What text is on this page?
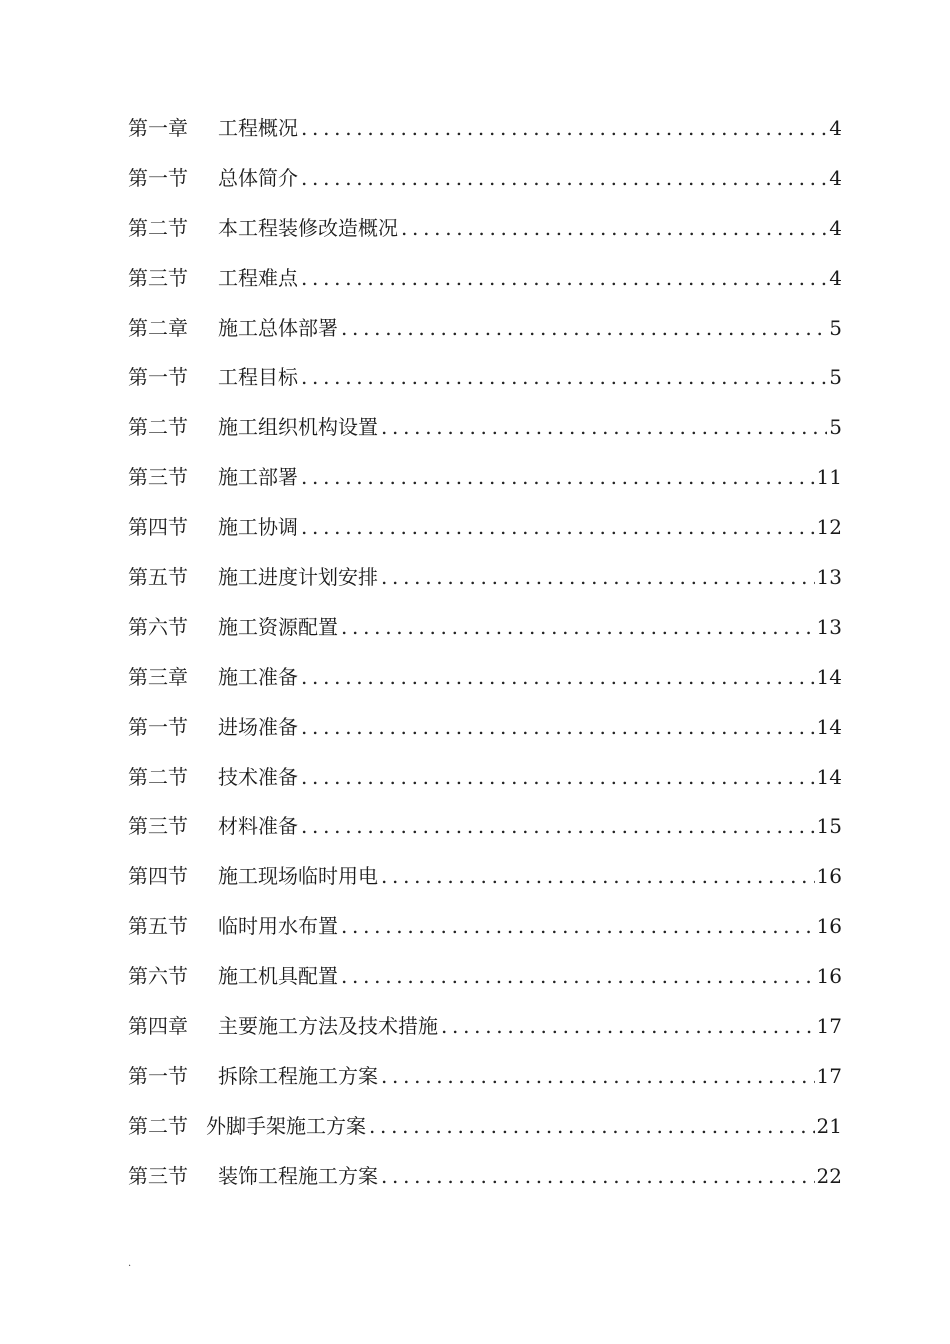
第一章	工程概况 .....	4
第一节	总体简介 .....	4
第二节	本工程装修改造概况 .....	4
第三节	工程难点 .....	4
第二章	施工总体部署 .....	5
第一节	工程目标 .....	5
第二节	施工组织机构设置 .....	5
第三节	施工部署 .....	11
第四节	施工协调 .....	12
第五节	施工进度计划安排 .....	13
第六节	施工资源配置 .....	13
第三章	施工准备 .....	14
第一节	进场准备 .....	14
第二节	技术准备 .....	14
第三节	材料准备 .....	15
第四节	施工现场临时用电 .....	16
第五节	临时用水布置 .....	16
第六节	施工机具配置 .....	16
第四章	主要施工方法及技术措施 .....	17
第一节	拆除工程施工方案 .....	17
第二节 外脚手架施工方案 .....	21
第三节	装饰工程施工方案 .....	22
.
